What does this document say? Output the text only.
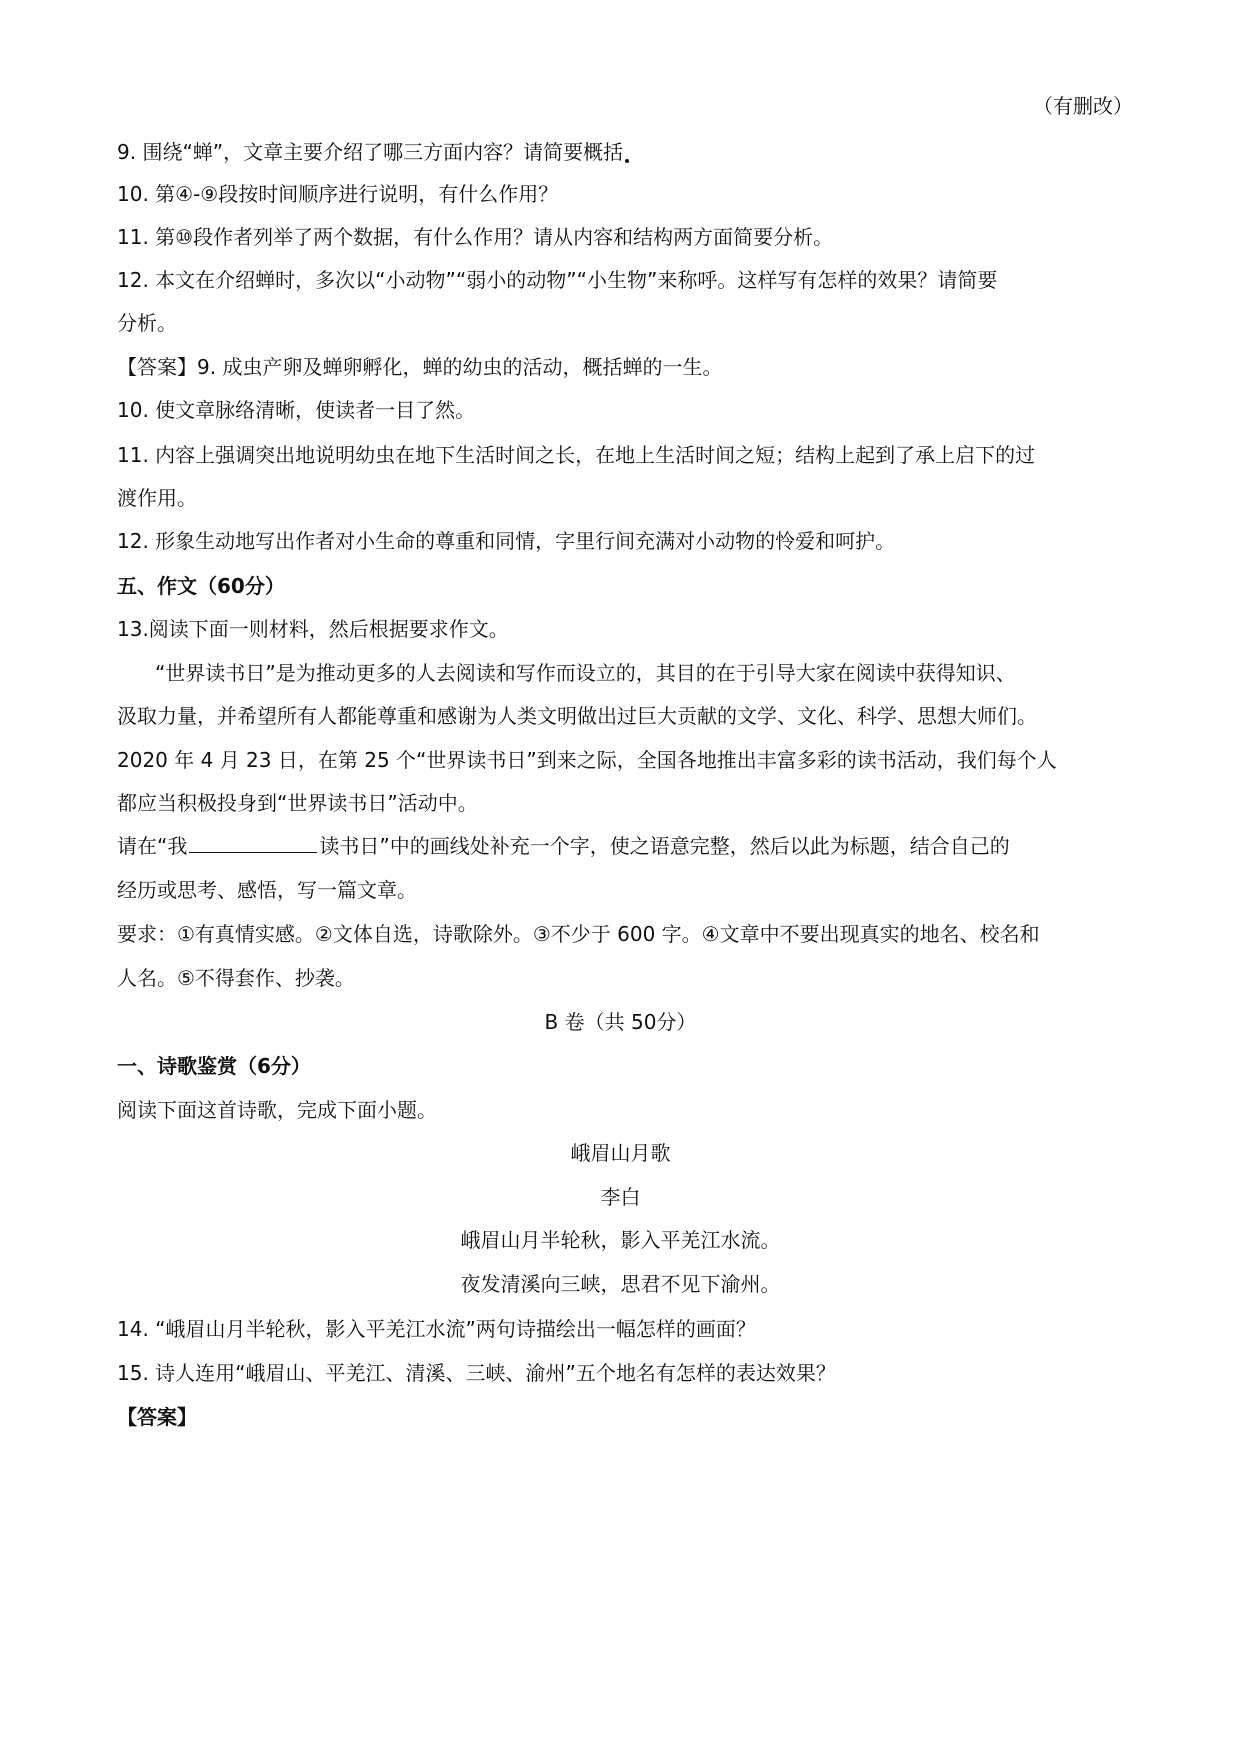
（有删改）
9. 围绕“蝉”，文章主要介绍了哪三方面内容？请简要概括
10. 第④-⑨段按时间顺序进行说明，有什么作用？
11. 第⑩段作者列举了两个数据，有什么作用？请从内容和结构两方面简要分析。
12. 本文在介绍蝉时，多次以“小动物”“弱小的动物”“小生物”来称呼。这样写有怎样的效果？请简要
分析。
【答案】9. 成虫产卵及蝉卵孵化，蝉的幼虫的活动，概括蝉的一生。
10. 使文章脉络清晰，使读者一目了然。
11. 内容上强调突出地说明幼虫在地下生活时间之长，在地上生活时间之短；结构上起到了承上启下的过
渡作用。
12. 形象生动地写出作者对小生命的尊重和同情，字里行间充满对小动物的怜爱和呵护。
五、作文（60分）
13.阅读下面一则材料，然后根据要求作文。
“世界读书日”是为推动更多的人去阅读和写作而设立的，其目的在于引导大家在阅读中获得知识、
汲取力量，并希望所有人都能尊重和感谢为人类文明做出过巨大贡献的文学、文化、科学、思想大师们。
2020 年 4 月 23 日，在第 25 个“世界读书日”到来之际，全国各地推出丰富多彩的读书活动，我们每个人
都应当积极投身到“世界读书日”活动中。
请在“我	读书日”中的画线处补充一个字，使之语意完整，然后以此为标题，结合自己的
经历或思考、感悟，写一篇文章。
要求：①有真情实感。②文体自选，诗歌除外。③不少于 600 字。④文章中不要出现真实的地名、校名和
人名。⑤不得套作、抄袭。
B 卷（共 50分）
一、诗歌鉴赏（6分）
阅读下面这首诗歌，完成下面小题。
峨眉山月歌
李白
峨眉山月半轮秋，影入平羌江水流。
夜发清溪向三峡，思君不见下渝州。
14. “峨眉山月半轮秋，影入平羌江水流”两句诗描绘出一幅怎样的画面？
15. 诗人连用“峨眉山、平羌江、清溪、三峡、渝州”五个地名有怎样的表达效果？
【答案】
